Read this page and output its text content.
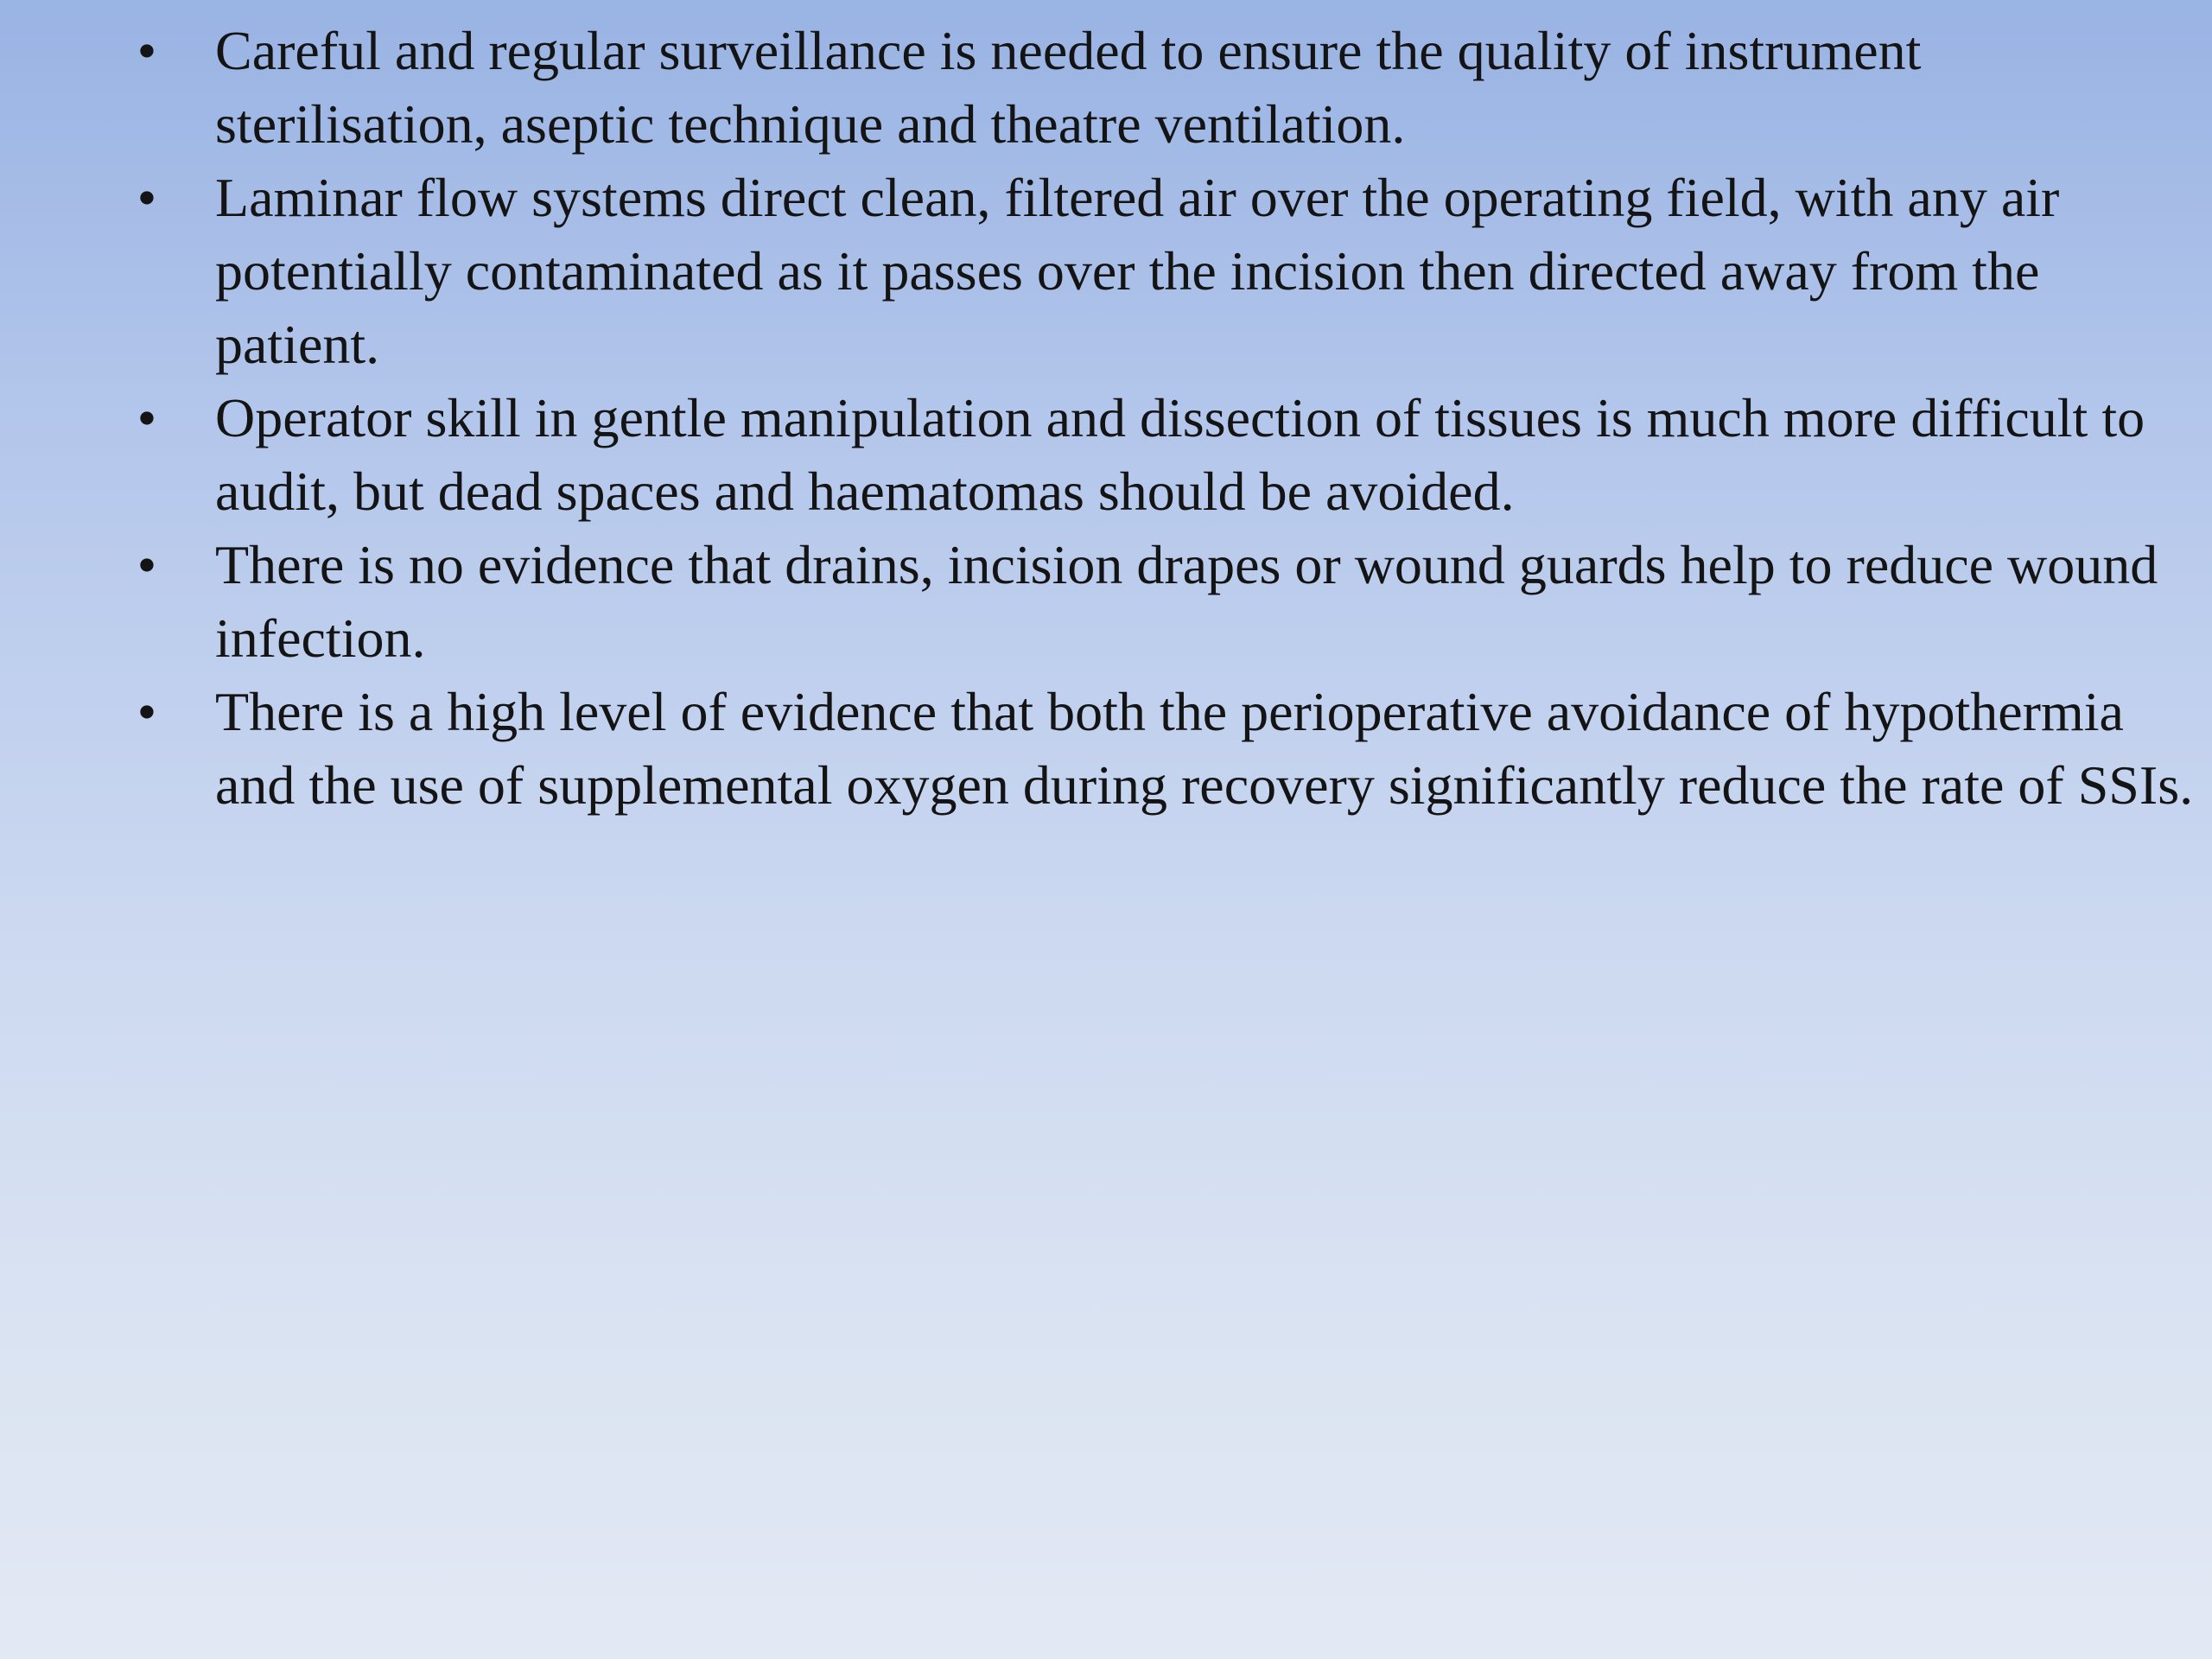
• Careful and regular surveillance is needed to ensure the quality of instrument sterilisation, aseptic technique and theatre ventilation.
• Laminar flow systems direct clean, filtered air over the operating field, with any air potentially contaminated as it passes over the incision then directed away from the patient.
• Operator skill in gentle manipulation and dissection of tissues is much more difficult to audit, but dead spaces and haematomas should be avoided.
• There is no evidence that drains, incision drapes or wound guards help to reduce wound infection.
• There is a high level of evidence that both the perioperative avoidance of hypothermia and the use of supplemental oxygen during recovery significantly reduce the rate of SSIs.
